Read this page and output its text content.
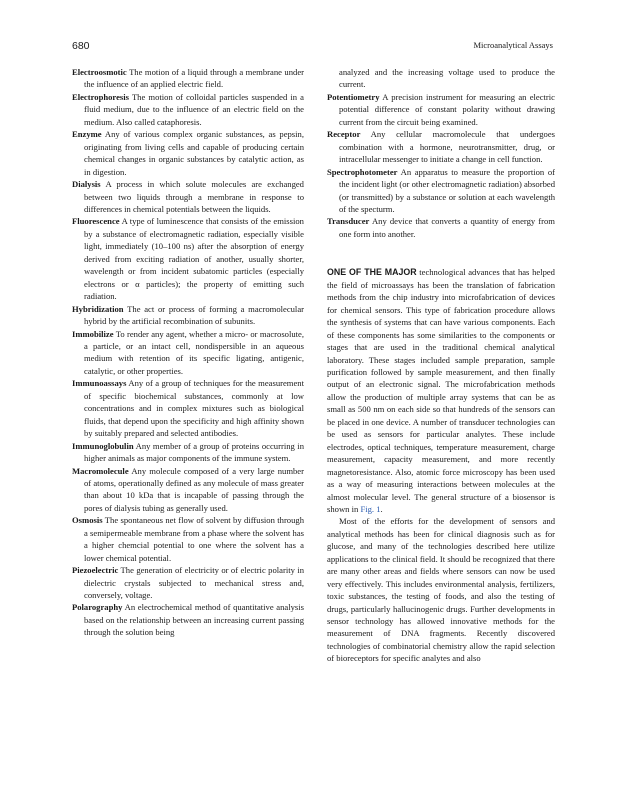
680	Microanalytical Assays

Electroosmotic The motion of a liquid through a membrane under the influence of an applied electric field.

Electrophoresis The motion of colloidal particles suspended in a fluid medium, due to the influence of an electric field on the medium. Also called cataphoresis.

Enzyme Any of various complex organic substances, as pepsin, originating from living cells and capable of producing certain chemical changes in organic substances by catalytic action, as in digestion.

Dialysis A process in which solute molecules are exchanged between two liquids through a membrane in response to differences in chemical potentials between the liquids.

Fluorescence A type of luminescence that consists of the emission by a substance of electromagnetic radiation, especially visible light, immediately (10–100 ns) after the absorption of energy derived from exciting radiation of another, usually shorter, wavelength or from incident subatomic particles (especially electrons or α particles); the property of emitting such radiation.

Hybridization The act or process of forming a macromolecular hybrid by the artificial recombination of subunits.

Immobilize To render any agent, whether a micro- or macrosolute, a particle, or an intact cell, nondispersible in an aqueous medium with retention of its specific ligating, antigenic, catalytic, or other properties.

Immunoassays Any of a group of techniques for the measurement of specific biochemical substances, commonly at low concentrations and in complex mixtures such as biological fluids, that depend upon the specificity and high affinity shown by suitably prepared and selected antibodies.

Immunoglobulin Any member of a group of proteins occurring in higher animals as major components of the immune system.

Macromolecule Any molecule composed of a very large number of atoms, operationally defined as any molecule of mass greater than about 10 kDa that is incapable of passing through the pores of dialysis tubing as generally used.

Osmosis The spontaneous net flow of solvent by diffusion through a semipermeable membrane from a phase where the solvent has a higher chemcial potential to one where the solvent has a lower chemical potential.

Piezoelectric The generation of electricity or of electric polarity in dielectric crystals subjected to mechanical stress and, conversely, voltage.

Polarography An electrochemical method of quantitative analysis based on the relationship between an increasing current passing through the solution being

analyzed and the increasing voltage used to produce the current.

Potentiometry A precision instrument for measuring an electric potential difference of constant polarity without drawing current from the circuit being examined.

Receptor Any cellular macromolecule that undergoes combination with a hormone, neurotransmitter, drug, or intracellular messenger to initiate a change in cell function.

Spectrophotometer An apparatus to measure the proportion of the incident light (or other electromagnetic radiation) absorbed (or transmitted) by a substance or solution at each wavelength of the specturm.

Transducer Any device that converts a quantity of energy from one form into another.

ONE OF THE MAJOR technological advances that has helped the field of microassays has been the translation of fabrication methods from the chip industry into microfabrication of devices for chemical sensors. This type of fabrication procedure allows the synthesis of systems that can have various components. Each of these components has some similarities to the components or stages that are used in the traditional chemical analytical laboratory. These stages included sample preparation, sample purification followed by sample measurement, and then finally output of an electronic signal. The microfabrication methods allow the production of multiple array systems that can be as small as 500 nm on each side so that hundreds of the sensors can be placed in one device. A number of transducer technologies can be used as sensors for particular analytes. These include electrodes, optical techniques, temperature measurement, charge measurement, capacity measurement, and more recently magnetoresistance. Also, atomic force microscopy has been used as a way of measuring interactions between molecules at the almost molecular level. The general structure of a biosensor is shown in Fig. 1.

Most of the efforts for the development of sensors and analytical methods has been for clinical diagnosis such as for glucose, and many of the technologies described here utilize applications to the clinical field. It should be recognized that there are many other areas and fields where sensors can now be used very effectively. This includes environmental analysis, fertilizers, toxic substances, the testing of foods, and also the testing of drugs, particularly hallucinogenic drugs. Further developments in sensor technology has allowed innovative methods for the measurement of DNA fragments. Recently discovered technologies of combinatorial chemistry allow the rapid selection of bioreceptors for specific analytes and also
